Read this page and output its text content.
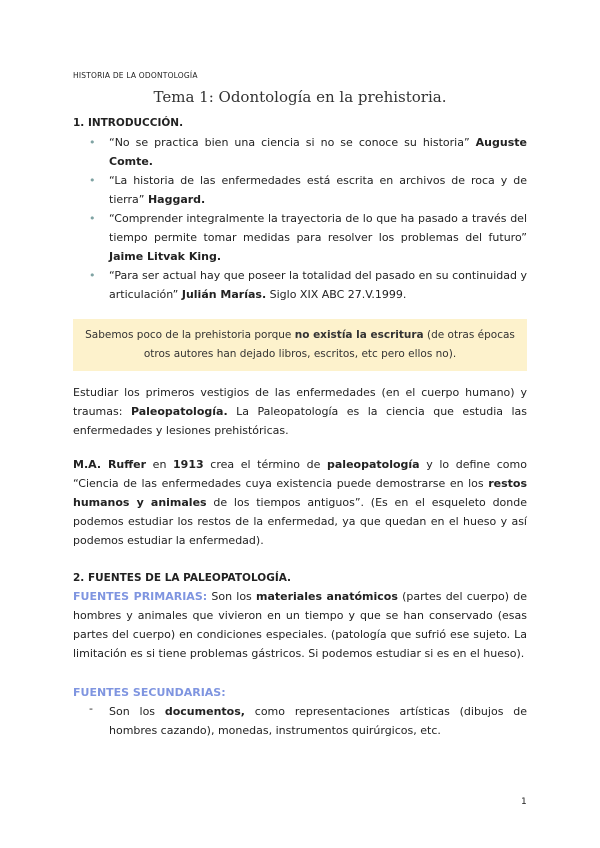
HISTORIA DE LA ODONTOLOGÍA
Tema 1: Odontología en la prehistoria.
1. INTRODUCCIÓN.
• “No se practica bien una ciencia si no se conoce su historia” Auguste Comte.
• “La historia de las enfermedades está escrita en archivos de roca y de tierra” Haggard.
• “Comprender integralmente la trayectoria de lo que ha pasado a través del tiempo permite tomar medidas para resolver los problemas del futuro” Jaime Litvak King.
• “Para ser actual hay que poseer la totalidad del pasado en su continuidad y articulación” Julián Marías. Siglo XIX ABC 27.V.1999.
Sabemos poco de la prehistoria porque no existía la escritura (de otras épocas otros autores han dejado libros, escritos, etc pero ellos no).
Estudiar los primeros vestigios de las enfermedades (en el cuerpo humano) y traumas: Paleopatología. La Paleopatología es la ciencia que estudia las enfermedades y lesiones prehistóricas.
M.A. Ruffer en 1913 crea el término de paleopatología y lo define como “Ciencia de las enfermedades cuya existencia puede demostrarse en los restos humanos y animales de los tiempos antiguos”. (Es en el esqueleto donde podemos estudiar los restos de la enfermedad, ya que quedan en el hueso y así podemos estudiar la enfermedad).
2. FUENTES DE LA PALEOPATOLOGÍA.
FUENTES PRIMARIAS: Son los materiales anatómicos (partes del cuerpo) de hombres y animales que vivieron en un tiempo y que se han conservado (esas partes del cuerpo) en condiciones especiales. (patología que sufrió ese sujeto. La limitación es si tiene problemas gástricos. Si podemos estudiar si es en el hueso).
FUENTES SECUNDARIAS:
- Son los documentos, como representaciones artísticas (dibujos de hombres cazando), monedas, instrumentos quirúrgicos, etc.
1
